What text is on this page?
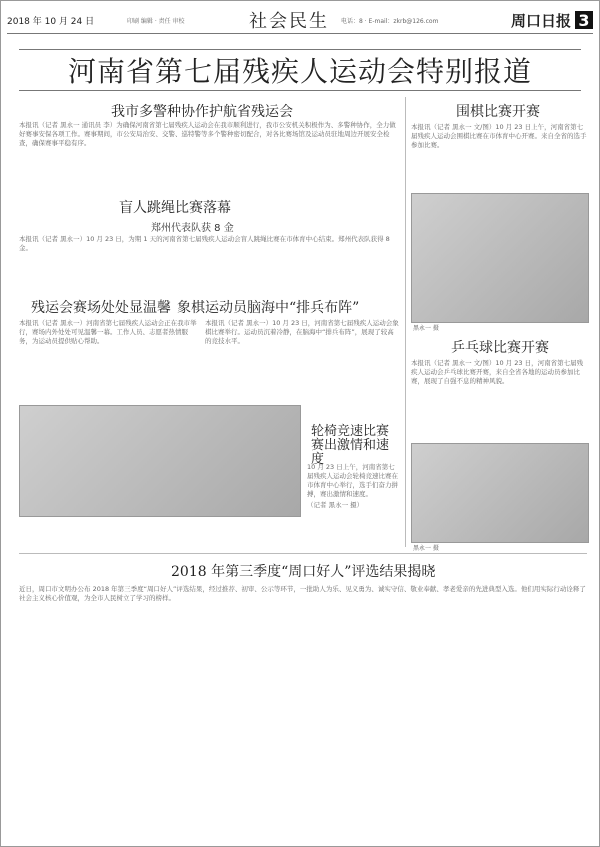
2018 年 10 月 24 日	印刷 编辑 · 责任 审校	社会民生 电话：8 · E-mail：zkrb@126.com	周口日报 3
河南省第七届残疾人运动会特别报道
我市多警种协作护航省残运会

本报讯（记者 黑永一 通讯员 李）为确保河南省第七届残疾人运动会在我市顺利进行，我市公安机关积极作为、多警种协作，全力做好赛事安保各项工作。赛事期间，市公安局治安、交警、巡特警等多个警种密切配合，对各比赛场馆及运动员驻地周边开展安全检查，确保赛事平稳有序。

盲人跳绳比赛落幕
郑州代表队获 8 金

本报讯（记者 黑永一）10 月 23 日，为期 1 天的河南省第七届残疾人运动会盲人跳绳比赛在市体育中心结束。郑州代表队获得 8 金。

残运会赛场处处显温馨

本报讯（记者 黑永一）河南省第七届残疾人运动会正在我市举行，赛场内外处处可见温馨一幕。工作人员、志愿者热情服务，为运动员提供贴心帮助。

象棋运动员脑海中“排兵布阵”

本报讯（记者 黑永一）10 月 23 日，河南省第七届残疾人运动会象棋比赛举行。运动员沉着冷静，在脑海中“排兵布阵”，展现了较高的竞技水平。

轮椅竞速比赛
赛出激情和速度

10 月 23 日上午，河南省第七届残疾人运动会轮椅竞速比赛在市体育中心举行，选手们奋力拼搏，赛出激情和速度。

（记者 黑永一 摄）

围棋比赛开赛

本报讯（记者 黑永一 文/图）10 月 23 日上午，河南省第七届残疾人运动会围棋比赛在市体育中心开赛。来自全省的选手参加比赛。

黑永一 摄
乒乓球比赛开赛

本报讯（记者 黑永一 文/图）10 月 23 日，河南省第七届残疾人运动会乒乓球比赛开赛，来自全省各地的运动员参加比赛，展现了自强不息的精神风貌。

黑永一 摄
2018 年第三季度“周口好人”评选结果揭晓

近日，周口市文明办公布 2018 年第三季度“周口好人”评选结果，经过推荐、初审、公示等环节，一批助人为乐、见义勇为、诚实守信、敬业奉献、孝老爱亲的先进典型入选。他们用实际行动诠释了社会主义核心价值观，为全市人民树立了学习的榜样。
